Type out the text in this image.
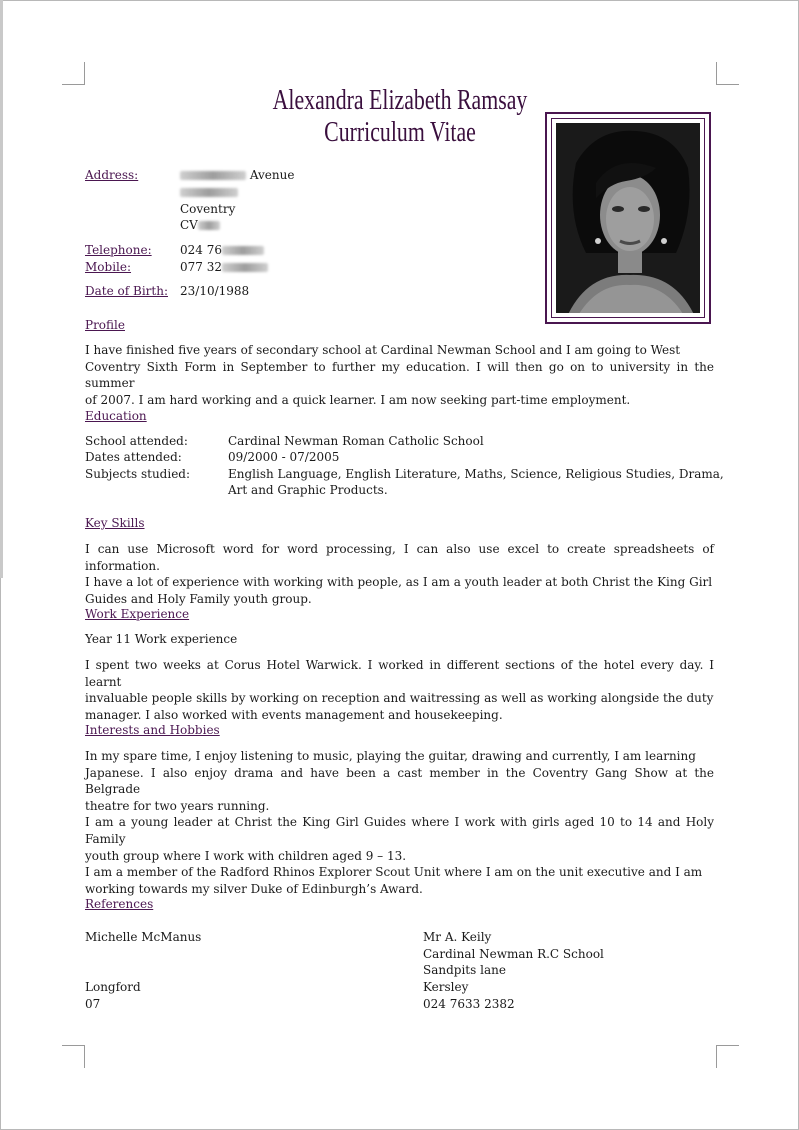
Alexandra Elizabeth Ramsay
Curriculum Vitae
Address:	Avenue
Coventry
CV
Telephone: 024 76
Mobile:	077 32
Date of Birth: 23/10/1988
Profile
I have finished five years of secondary school at Cardinal Newman School and I am going to West
Coventry Sixth Form in September to further my education. I will then go on to university in the summer
of 2007. I am hard working and a quick learner. I am now seeking part-time employment.
Education
School attended:	Cardinal Newman Roman Catholic School
Dates attended:	09/2000 - 07/2005
Subjects studied:	English Language, English Literature, Maths, Science, Religious Studies, Drama,
Art and Graphic Products.
Key Skills
I can use Microsoft word for word processing, I can also use excel to create spreadsheets of information.
I have a lot of experience with working with people, as I am a youth leader at both Christ the King Girl
Guides and Holy Family youth group.
Work Experience
Year 11 Work experience
I spent two weeks at Corus Hotel Warwick. I worked in different sections of the hotel every day. I learnt
invaluable people skills by working on reception and waitressing as well as working alongside the duty
manager. I also worked with events management and housekeeping.
Interests and Hobbies
In my spare time, I enjoy listening to music, playing the guitar, drawing and currently, I am learning
Japanese. I also enjoy drama and have been a cast member in the Coventry Gang Show at the Belgrade
theatre for two years running.
I am a young leader at Christ the King Girl Guides where I work with girls aged 10 to 14 and Holy Family
youth group where I work with children aged 9 – 13.
I am a member of the Radford Rhinos Explorer Scout Unit where I am on the unit executive and I am
working towards my silver Duke of Edinburgh’s Award.
References
Michelle McManus
Longford
07
Mr A. Keily
Cardinal Newman R.C School
Sandpits lane
Kersley
024 7633 2382
